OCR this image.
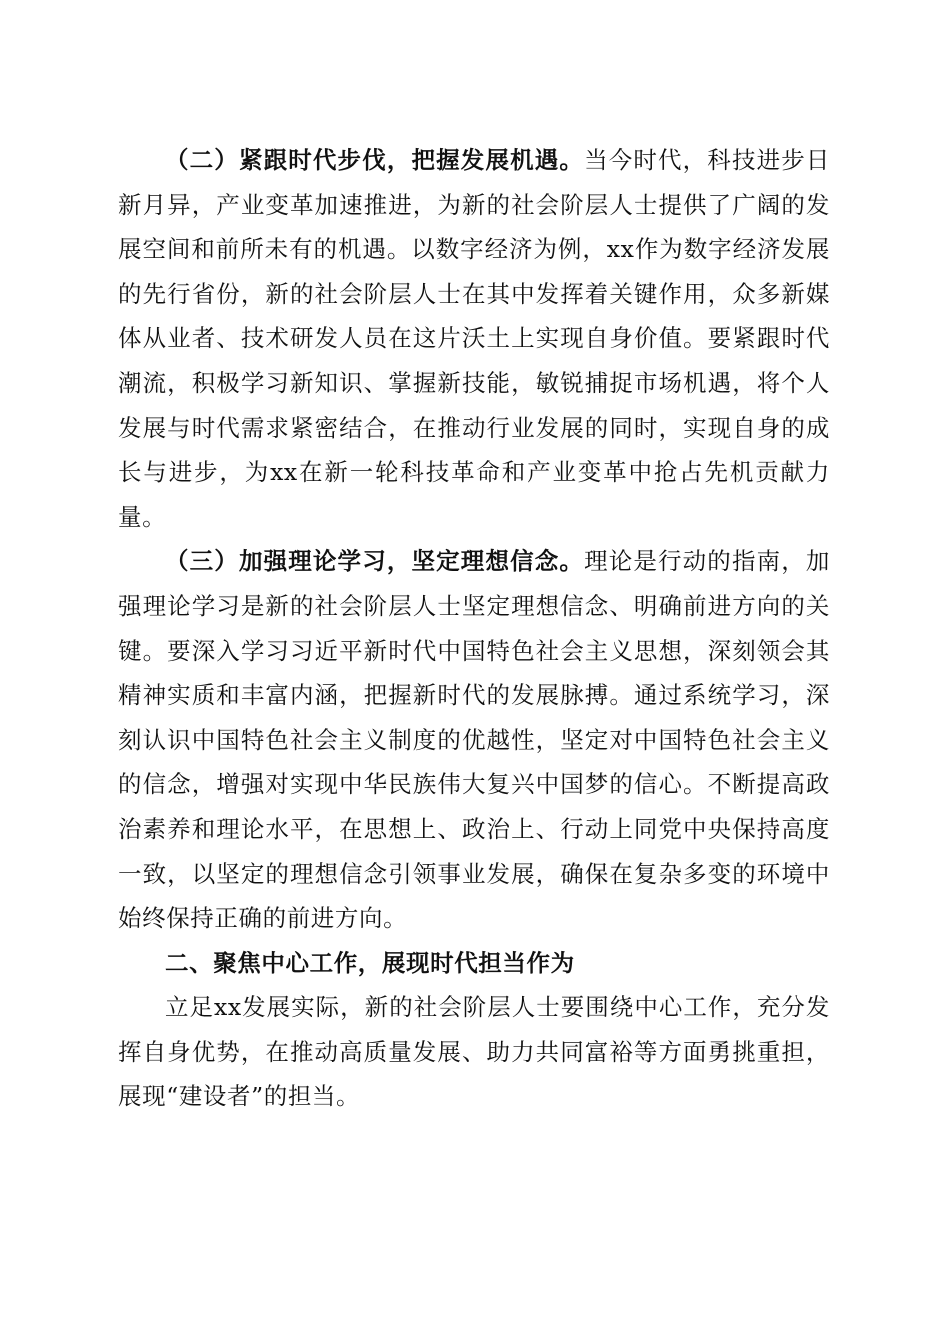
（二）紧跟时代步伐，把握发展机遇。当今时代，科技进步日新月异，产业变革加速推进，为新的社会阶层人士提供了广阔的发展空间和前所未有的机遇。以数字经济为例，xx作为数字经济发展的先行省份，新的社会阶层人士在其中发挥着关键作用，众多新媒体从业者、技术研发人员在这片沃土上实现自身价值。要紧跟时代潮流，积极学习新知识、掌握新技能，敏锐捕捉市场机遇，将个人发展与时代需求紧密结合，在推动行业发展的同时，实现自身的成长与进步，为xx在新一轮科技革命和产业变革中抢占先机贡献力量。

（三）加强理论学习，坚定理想信念。理论是行动的指南，加强理论学习是新的社会阶层人士坚定理想信念、明确前进方向的关键。要深入学习习近平新时代中国特色社会主义思想，深刻领会其精神实质和丰富内涵，把握新时代的发展脉搏。通过系统学习，深刻认识中国特色社会主义制度的优越性，坚定对中国特色社会主义的信念，增强对实现中华民族伟大复兴中国梦的信心。不断提高政治素养和理论水平，在思想上、政治上、行动上同党中央保持高度一致，以坚定的理想信念引领事业发展，确保在复杂多变的环境中始终保持正确的前进方向。

二、聚焦中心工作，展现时代担当作为

立足xx发展实际，新的社会阶层人士要围绕中心工作，充分发挥自身优势，在推动高质量发展、助力共同富裕等方面勇挑重担，展现“建设者”的担当。
